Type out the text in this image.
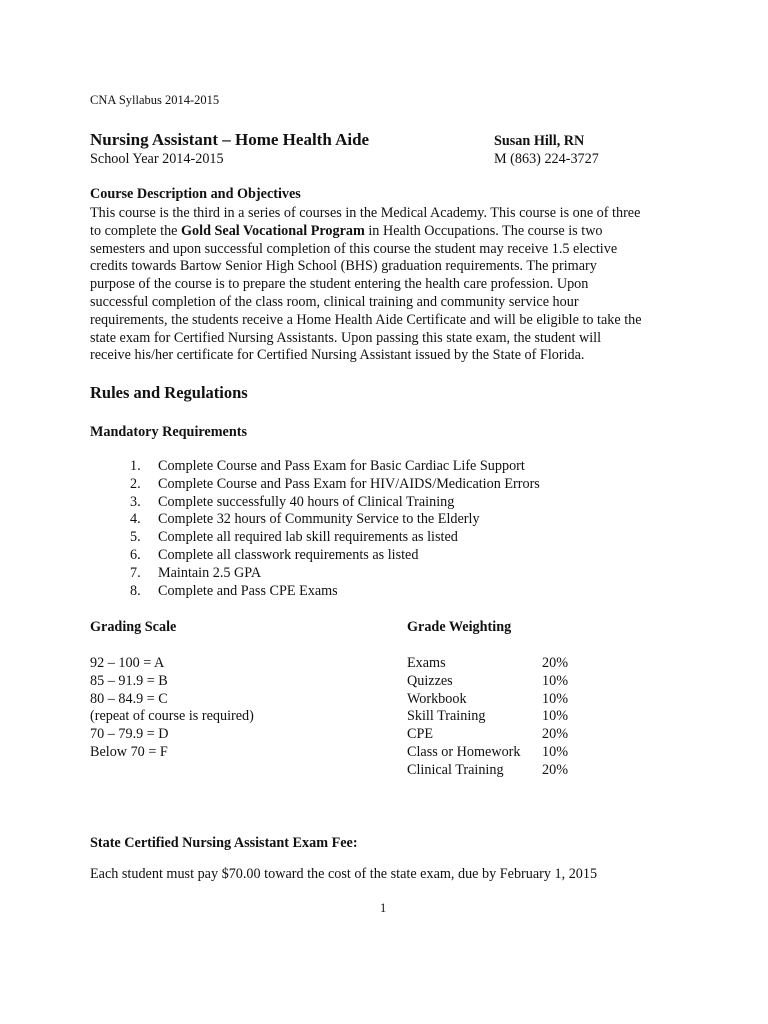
CNA Syllabus 2014-2015
Nursing Assistant – Home Health Aide
School Year 2014-2015
Susan Hill, RN
M (863) 224-3727
Course Description and Objectives
This course is the third in a series of courses in the Medical Academy. This course is one of three
to complete the Gold Seal Vocational Program in Health Occupations. The course is two
semesters and upon successful completion of this course the student may receive 1.5 elective
credits towards Bartow Senior High School (BHS) graduation requirements. The primary
purpose of the course is to prepare the student entering the health care profession. Upon
successful completion of the class room, clinical training and community service hour
requirements, the students receive a Home Health Aide Certificate and will be eligible to take the
state exam for Certified Nursing Assistants. Upon passing this state exam, the student will
receive his/her certificate for Certified Nursing Assistant issued by the State of Florida.
Rules and Regulations
Mandatory Requirements
1. Complete Course and Pass Exam for Basic Cardiac Life Support
2. Complete Course and Pass Exam for HIV/AIDS/Medication Errors
3. Complete successfully 40 hours of Clinical Training
4. Complete 32 hours of Community Service to the Elderly
5. Complete all required lab skill requirements as listed
6. Complete all classwork requirements as listed
7. Maintain 2.5 GPA
8. Complete and Pass CPE Exams
Grading Scale	Grade Weighting
92 – 100 = A
85 – 91.9 = B
80 – 84.9 = C
(repeat of course is required)
70 – 79.9 = D
Below 70 = F
Exams	20%
Quizzes	10%
Workbook	10%
Skill Training	10%
CPE	20%
Class or Homework 10%
Clinical Training	20%
State Certified Nursing Assistant Exam Fee:
Each student must pay $70.00 toward the cost of the state exam, due by February 1, 2015
1
